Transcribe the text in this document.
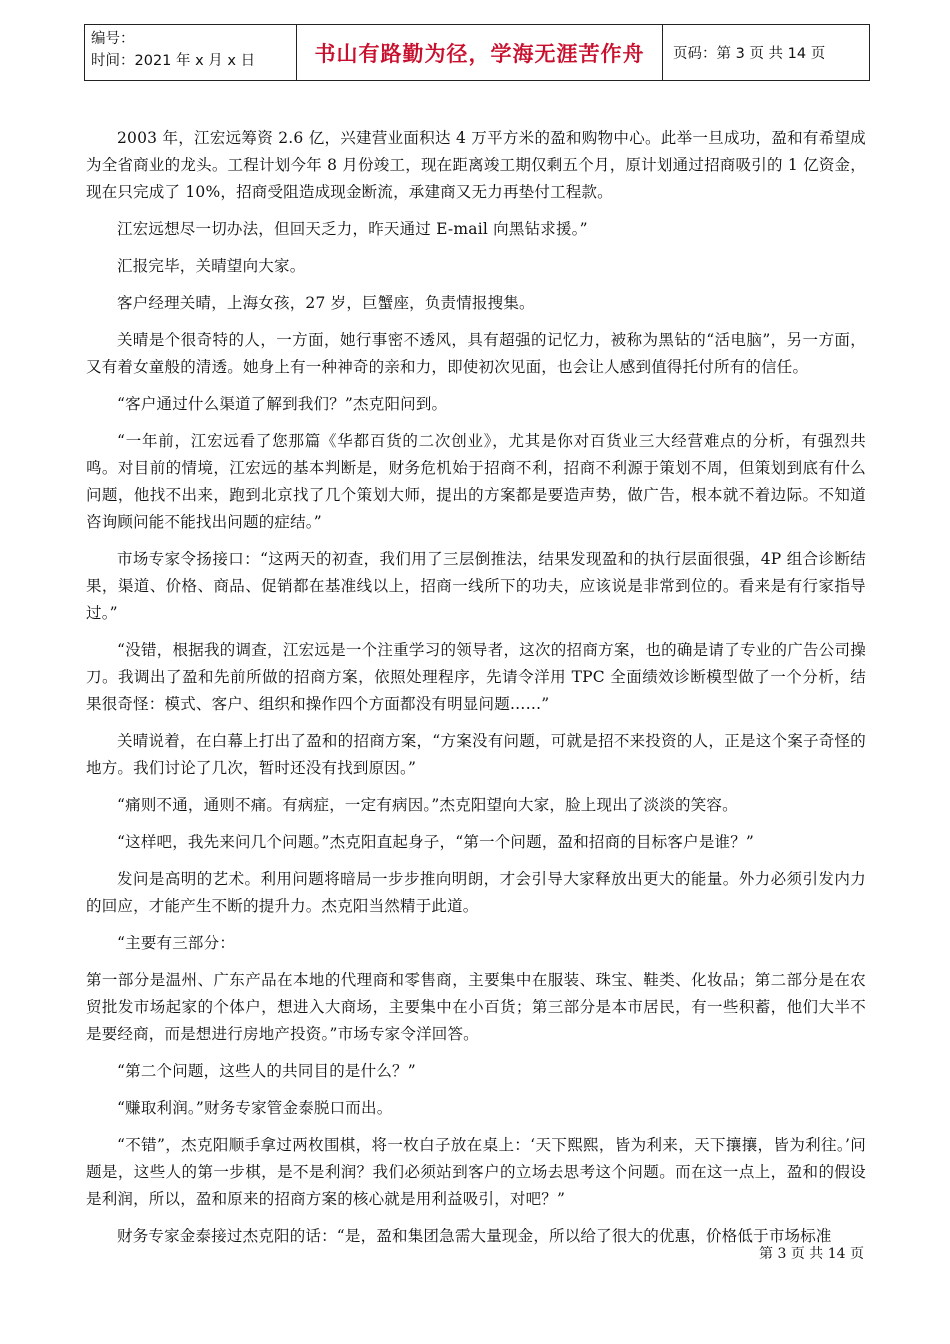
编号：
时间：2021 年 x 月 x 日	书山有路勤为径，学海无涯苦作舟	页码：第 3 页 共 14 页

2003 年，江宏远筹资 2.6 亿，兴建营业面积达 4 万平方米的盈和购物中心。此举一旦成功，盈和有希望成为全省商业的龙头。工程计划今年 8 月份竣工，现在距离竣工期仅剩五个月，原计划通过招商吸引的 1 亿资金，现在只完成了 10%，招商受阻造成现金断流，承建商又无力再垫付工程款。

江宏远想尽一切办法，但回天乏力，昨天通过 E-mail 向黑钻求援。”

汇报完毕，关晴望向大家。

客户经理关晴，上海女孩，27 岁，巨蟹座，负责情报搜集。

关晴是个很奇特的人，一方面，她行事密不透风，具有超强的记忆力，被称为黑钻的“活电脑”，另一方面，又有着女童般的清透。她身上有一种神奇的亲和力，即使初次见面，也会让人感到值得托付所有的信任。

“客户通过什么渠道了解到我们？”杰克阳问到。

“一年前，江宏远看了您那篇《华都百货的二次创业》，尤其是你对百货业三大经营难点的分析，有强烈共鸣。对目前的情境，江宏远的基本判断是，财务危机始于招商不利，招商不利源于策划不周，但策划到底有什么问题，他找不出来，跑到北京找了几个策划大师，提出的方案都是要造声势，做广告，根本就不着边际。不知道咨询顾问能不能找出问题的症结。”

市场专家令扬接口：“这两天的初查，我们用了三层倒推法，结果发现盈和的执行层面很强，4P 组合诊断结果，渠道、价格、商品、促销都在基准线以上，招商一线所下的功夫，应该说是非常到位的。看来是有行家指导过。”

“没错，根据我的调查，江宏远是一个注重学习的领导者，这次的招商方案，也的确是请了专业的广告公司操刀。我调出了盈和先前所做的招商方案，依照处理程序，先请令洋用 TPC 全面绩效诊断模型做了一个分析，结果很奇怪：模式、客户、组织和操作四个方面都没有明显问题……”

关晴说着，在白幕上打出了盈和的招商方案，“方案没有问题，可就是招不来投资的人，正是这个案子奇怪的地方。我们讨论了几次，暂时还没有找到原因。”

“痛则不通，通则不痛。有病症，一定有病因。”杰克阳望向大家，脸上现出了淡淡的笑容。

“这样吧，我先来问几个问题。”杰克阳直起身子，“第一个问题，盈和招商的目标客户是谁？”

发问是高明的艺术。利用问题将暗局一步步推向明朗，才会引导大家释放出更大的能量。外力必须引发内力的回应，才能产生不断的提升力。杰克阳当然精于此道。

“主要有三部分：

第一部分是温州、广东产品在本地的代理商和零售商，主要集中在服装、珠宝、鞋类、化妆品；第二部分是在农贸批发市场起家的个体户，想进入大商场，主要集中在小百货；第三部分是本市居民，有一些积蓄，他们大半不是要经商，而是想进行房地产投资。”市场专家令洋回答。

“第二个问题，这些人的共同目的是什么？”

“赚取利润。”财务专家管金泰脱口而出。

“不错”，杰克阳顺手拿过两枚围棋，将一枚白子放在桌上：‘天下熙熙，皆为利来，天下攘攘，皆为利往。’问题是，这些人的第一步棋，是不是利润？我们必须站到客户的立场去思考这个问题。而在这一点上，盈和的假设是利润，所以，盈和原来的招商方案的核心就是用利益吸引，对吧？”

财务专家金泰接过杰克阳的话：“是，盈和集团急需大量现金，所以给了很大的优惠，价格低于市场标准

第 3 页 共 14 页
